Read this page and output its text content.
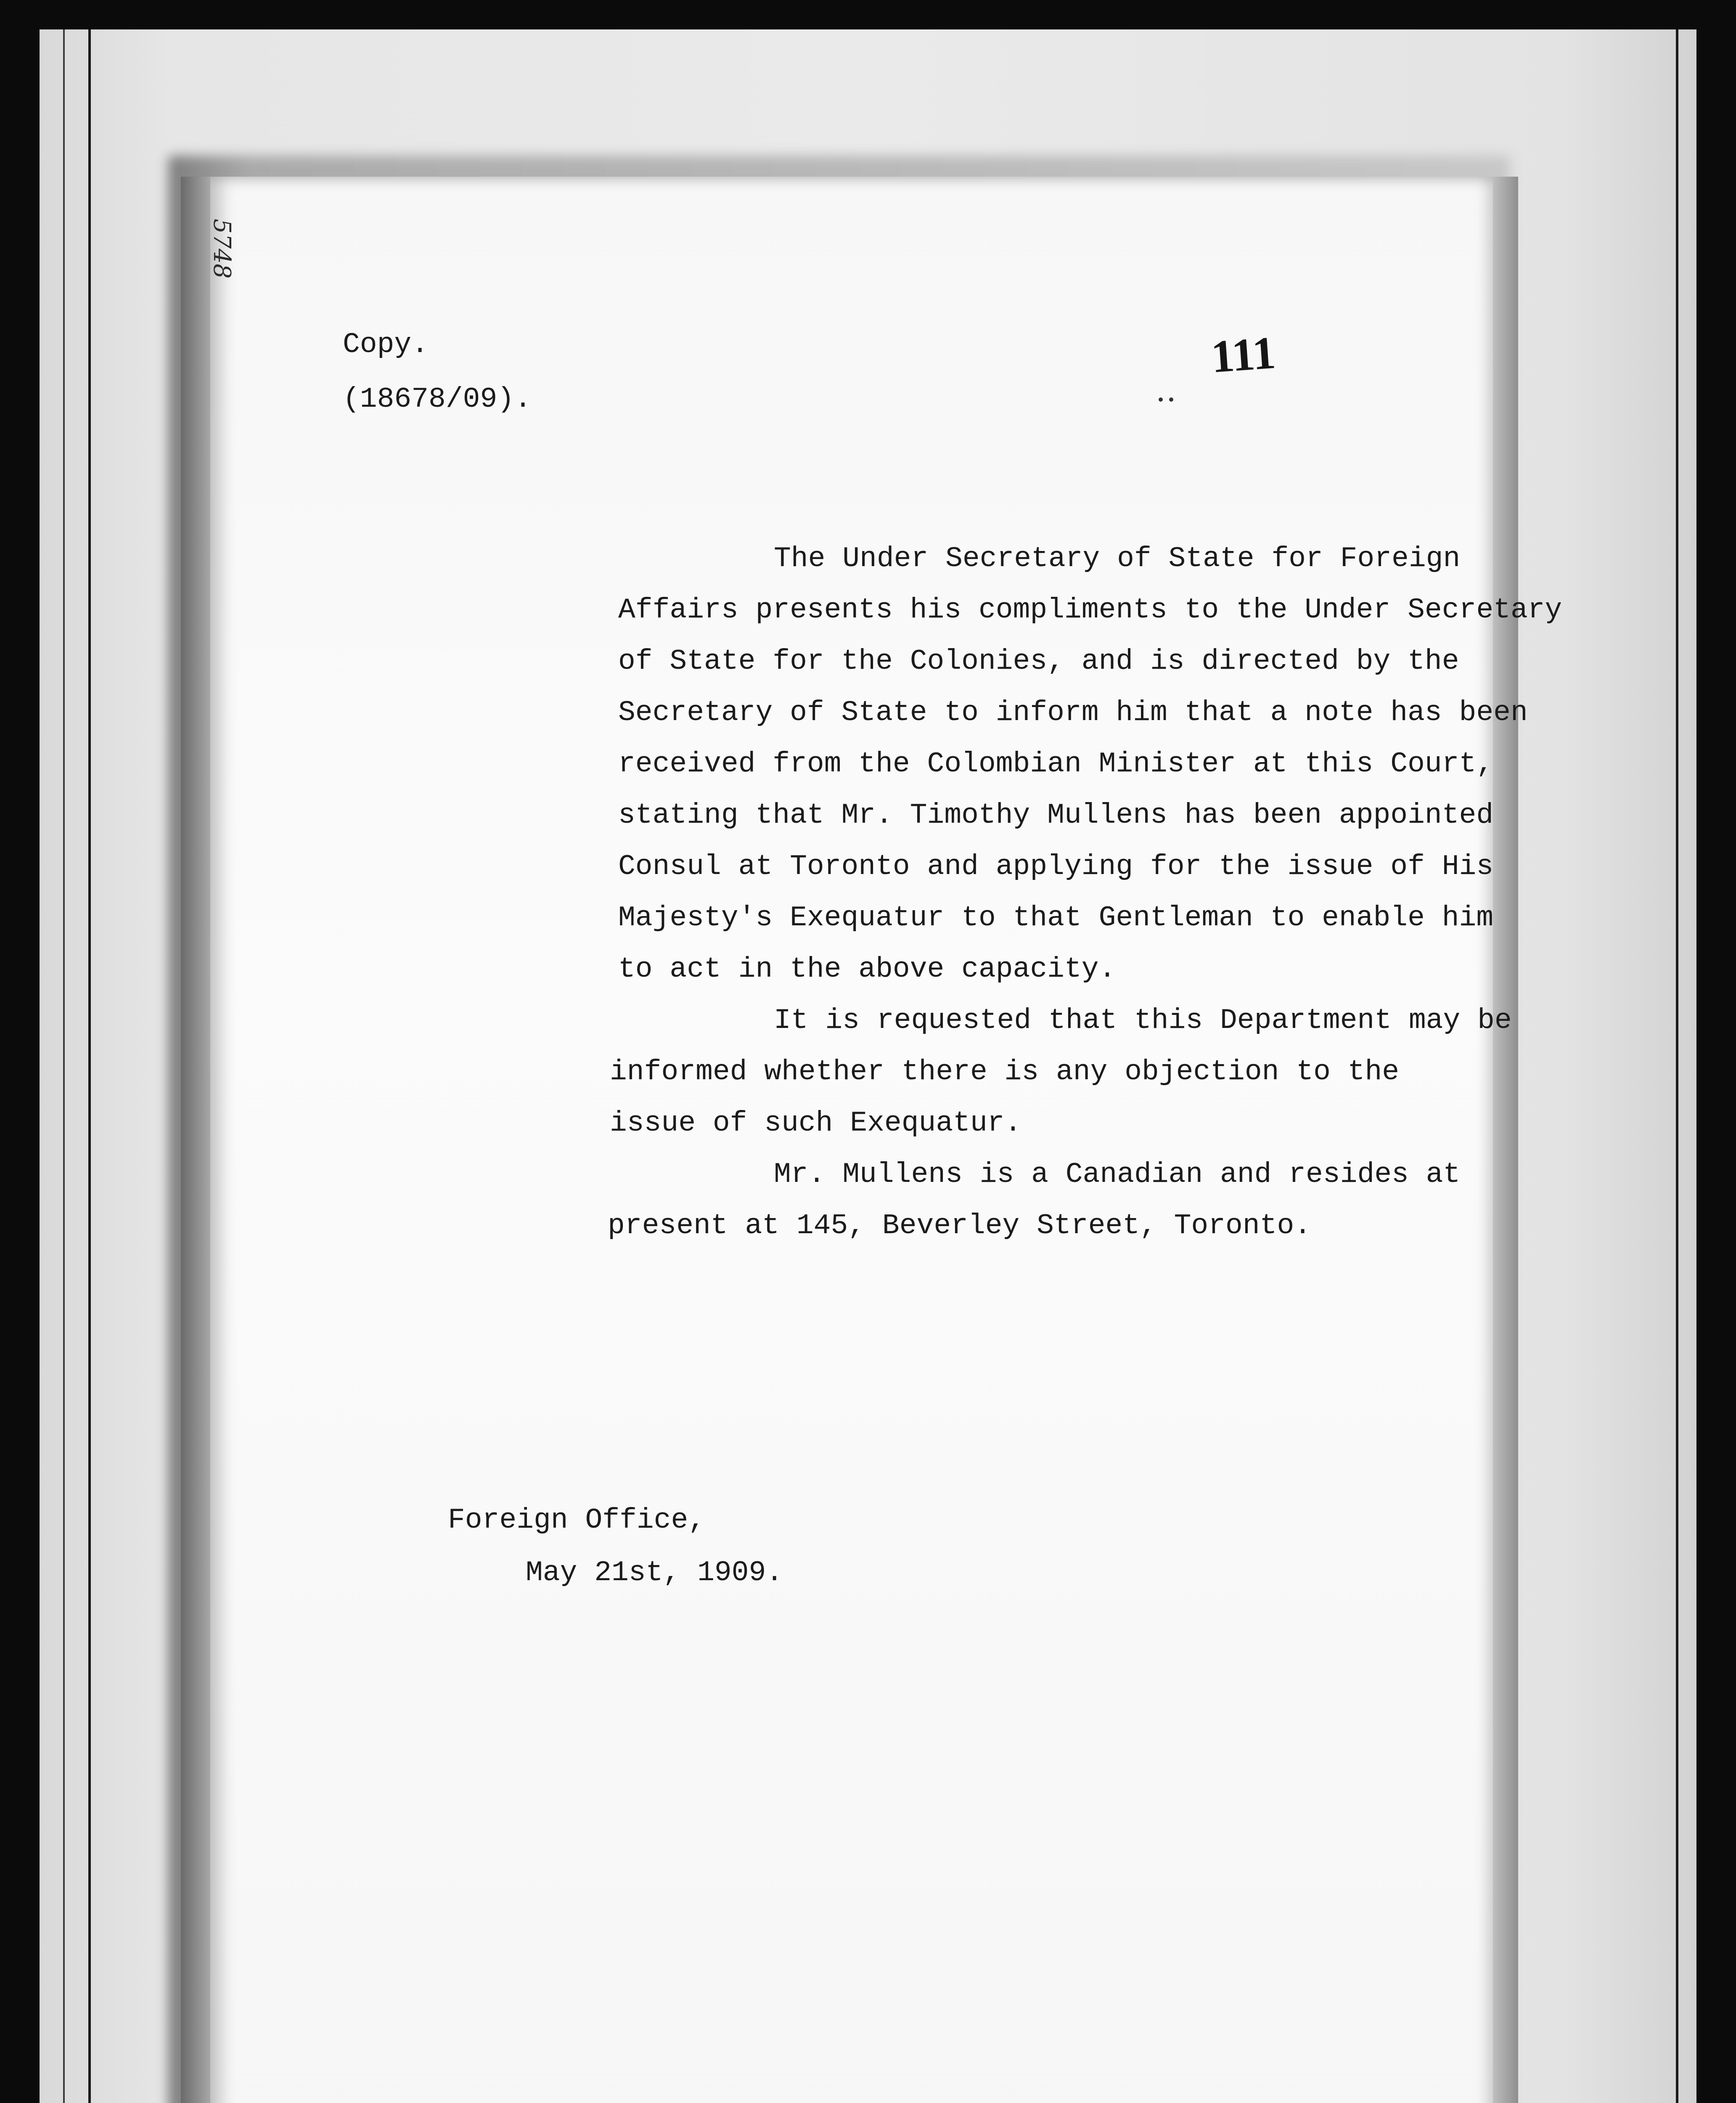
5748
Copy.
(18678/09).
111
The Under Secretary of State for Foreign
Affairs presents his compliments to the Under Secretary
of State for the Colonies, and is directed by the
Secretary of State to inform him that a note has been
received from the Colombian Minister at this Court,
stating that Mr. Timothy Mullens has been appointed
Consul at Toronto and applying for the issue of His
Majesty's Exequatur to that Gentleman to enable him
to act in the above capacity.
It is requested that this Department may be
informed whether there is any objection to the
issue of such Exequatur.
Mr. Mullens is a Canadian and resides at
present at 145, Beverley Street, Toronto.
Foreign Office,
May 21st, 1909.
